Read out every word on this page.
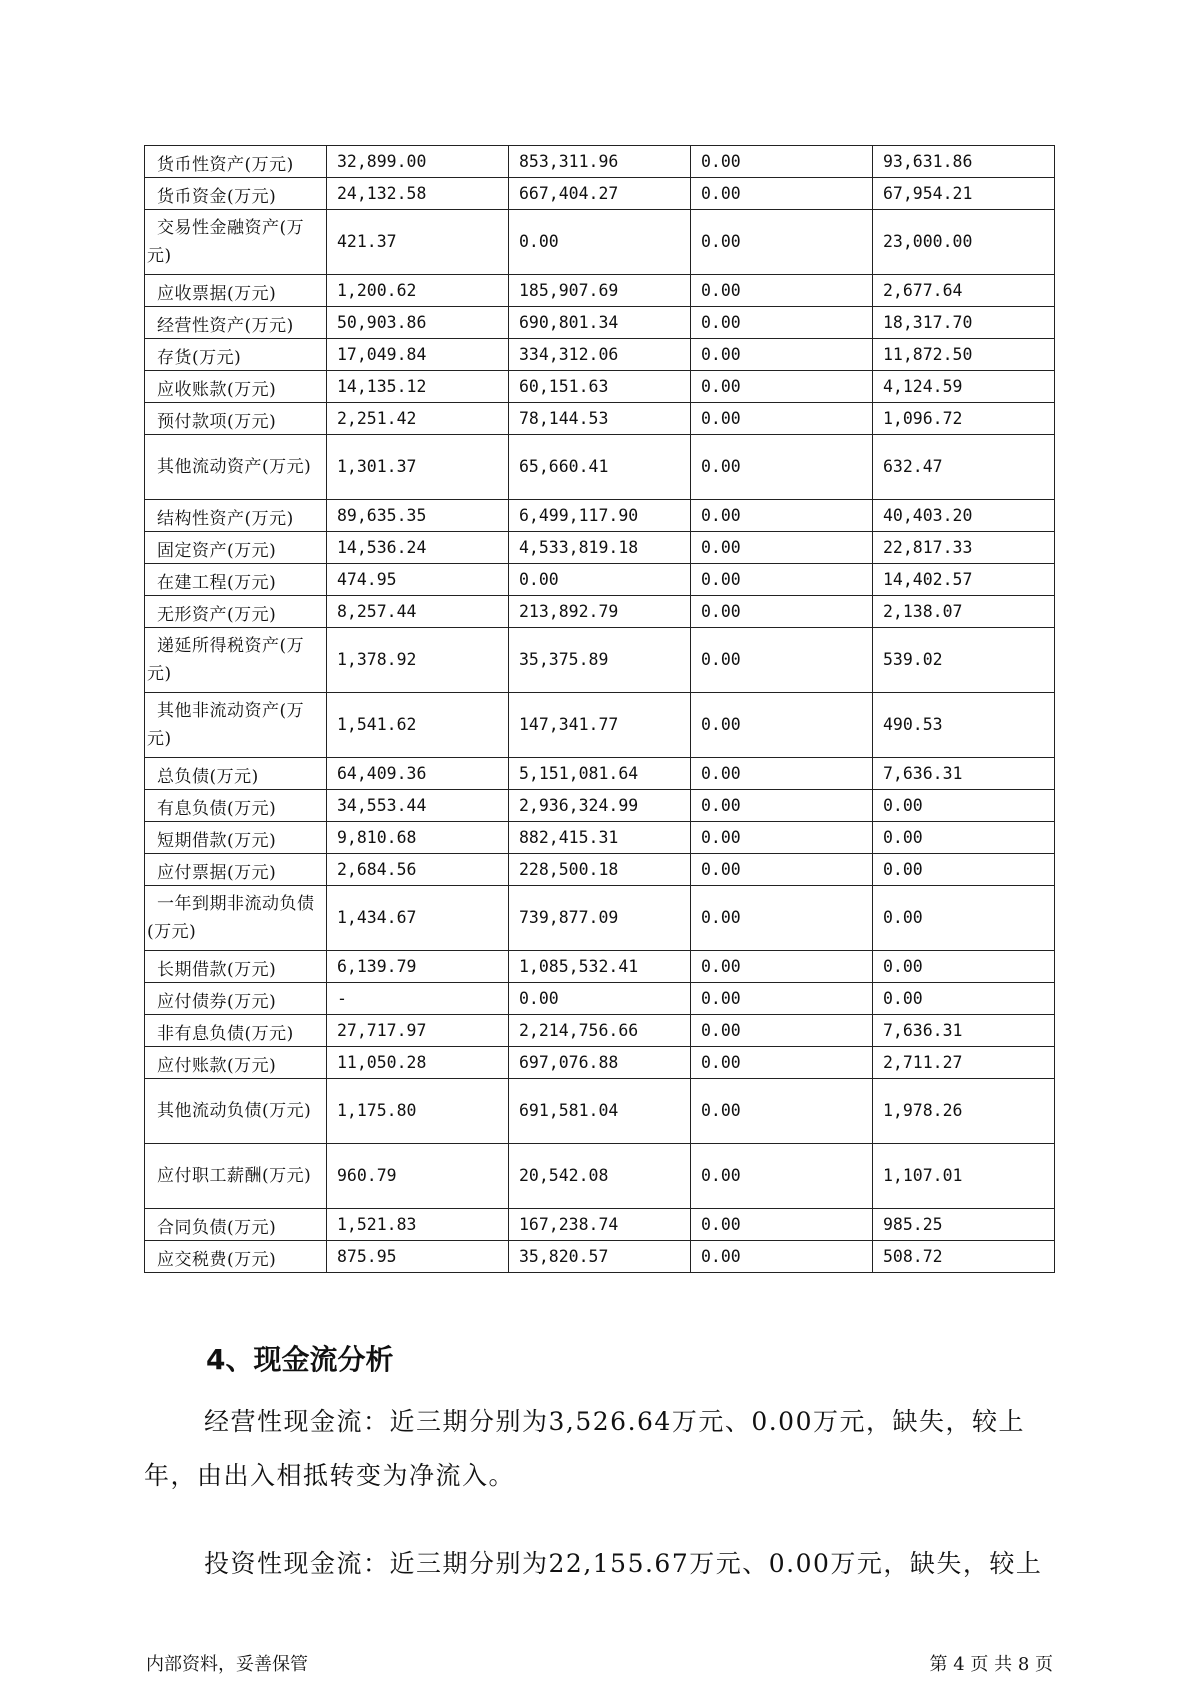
货币性资产(万元)	32,899.00	853,311.96	0.00	93,631.86
货币资金(万元)	24,132.58	667,404.27	0.00	67,954.21
交易性金融资产(万元)	421.37	0.00	0.00	23,000.00
应收票据(万元)	1,200.62	185,907.69	0.00	2,677.64
经营性资产(万元)	50,903.86	690,801.34	0.00	18,317.70
存货(万元)	17,049.84	334,312.06	0.00	11,872.50
应收账款(万元)	14,135.12	60,151.63	0.00	4,124.59
预付款项(万元)	2,251.42	78,144.53	0.00	1,096.72
其他流动资产(万元)	1,301.37	65,660.41	0.00	632.47
结构性资产(万元)	89,635.35	6,499,117.90	0.00	40,403.20
固定资产(万元)	14,536.24	4,533,819.18	0.00	22,817.33
在建工程(万元)	474.95	0.00	0.00	14,402.57
无形资产(万元)	8,257.44	213,892.79	0.00	2,138.07
递延所得税资产(万元)	1,378.92	35,375.89	0.00	539.02
其他非流动资产(万元)	1,541.62	147,341.77	0.00	490.53
总负债(万元)	64,409.36	5,151,081.64	0.00	7,636.31
有息负债(万元)	34,553.44	2,936,324.99	0.00	0.00
短期借款(万元)	9,810.68	882,415.31	0.00	0.00
应付票据(万元)	2,684.56	228,500.18	0.00	0.00
一年到期非流动负债(万元)	1,434.67	739,877.09	0.00	0.00
长期借款(万元)	6,139.79	1,085,532.41	0.00	0.00
应付债券(万元)	-	0.00	0.00	0.00
非有息负债(万元)	27,717.97	2,214,756.66	0.00	7,636.31
应付账款(万元)	11,050.28	697,076.88	0.00	2,711.27
其他流动负债(万元)	1,175.80	691,581.04	0.00	1,978.26
应付职工薪酬(万元)	960.79	20,542.08	0.00	1,107.01
合同负债(万元)	1,521.83	167,238.74	0.00	985.25
应交税费(万元)	875.95	35,820.57	0.00	508.72
4、现金流分析
经营性现金流：近三期分别为3,526.64万元、0.00万元，缺失，较上年，由出入相抵转变为净流入。
投资性现金流：近三期分别为22,155.67万元、0.00万元，缺失，较上
内部资料，妥善保管	第 4 页 共 8 页
